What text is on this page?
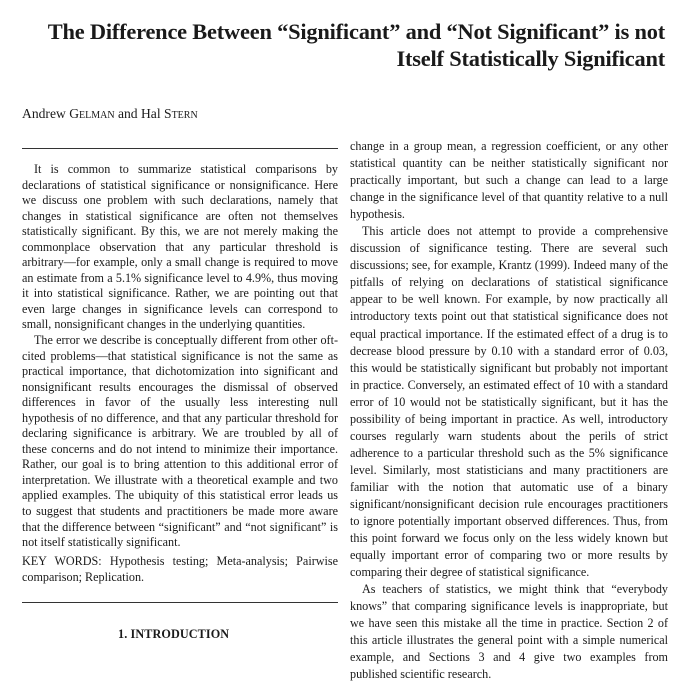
The Difference Between “Significant” and “Not Significant” is not
Itself Statistically Significant
Andrew Gelman and Hal Stern

It is common to summarize statistical comparisons by declarations of statistical significance or nonsignificance. Here we discuss one problem with such declarations, namely that changes in statistical significance are often not themselves statistically significant. By this, we are not merely making the commonplace observation that any particular threshold is arbitrary—for example, only a small change is required to move an estimate from a 5.1% significance level to 4.9%, thus moving it into statistical significance. Rather, we are pointing out that even large changes in significance levels can correspond to small, nonsignificant changes in the underlying quantities.

The error we describe is conceptually different from other oft-cited problems—that statistical significance is not the same as practical importance, that dichotomization into significant and nonsignificant results encourages the dismissal of observed differences in favor of the usually less interesting null hypothesis of no difference, and that any particular threshold for declaring significance is arbitrary. We are troubled by all of these concerns and do not intend to minimize their importance. Rather, our goal is to bring attention to this additional error of interpretation. We illustrate with a theoretical example and two applied examples. The ubiquity of this statistical error leads us to suggest that students and practitioners be made more aware that the difference between “significant” and “not significant” is not itself statistically significant.

KEY WORDS: Hypothesis testing; Meta-analysis; Pairwise comparison; Replication.
1. INTRODUCTION

change in a group mean, a regression coefficient, or any other statistical quantity can be neither statistically significant nor practically important, but such a change can lead to a large change in the significance level of that quantity relative to a null hypothesis.

This article does not attempt to provide a comprehensive discussion of significance testing. There are several such discussions; see, for example, Krantz (1999). Indeed many of the pitfalls of relying on declarations of statistical significance appear to be well known. For example, by now practically all introductory texts point out that statistical significance does not equal practical importance. If the estimated effect of a drug is to decrease blood pressure by 0.10 with a standard error of 0.03, this would be statistically significant but probably not important in practice. Conversely, an estimated effect of 10 with a standard error of 10 would not be statistically significant, but it has the possibility of being important in practice. As well, introductory courses regularly warn students about the perils of strict adherence to a particular threshold such as the 5% significance level. Similarly, most statisticians and many practitioners are familiar with the notion that automatic use of a binary significant/nonsignificant decision rule encourages practitioners to ignore potentially important observed differences. Thus, from this point forward we focus only on the less widely known but equally important error of comparing two or more results by comparing their degree of statistical significance.

As teachers of statistics, we might think that “everybody knows” that comparing significance levels is inappropriate, but we have seen this mistake all the time in practice. Section 2 of this article illustrates the general point with a simple numerical example, and Sections 3 and 4 give two examples from published scientific research.
